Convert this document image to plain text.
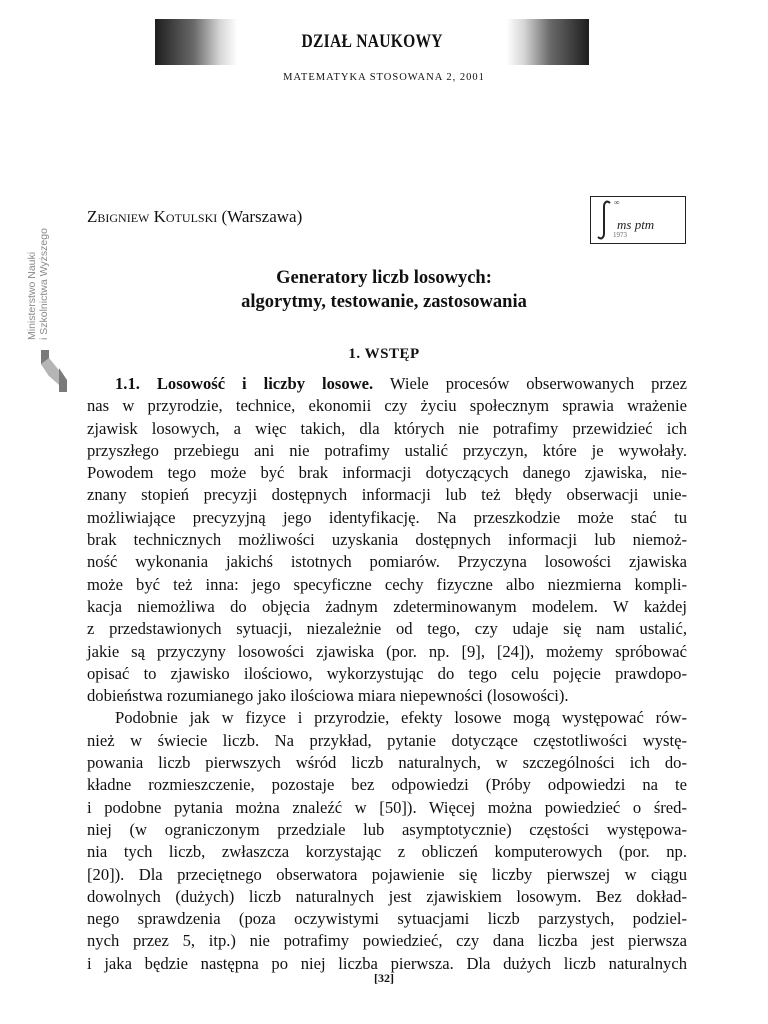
DZIAŁ NAUKOWY
MATEMATYKA STOSOWANA 2, 2001
Ministerstwo Nauki i Szkolnictwa Wyższego
Zbigniew Kotulski (Warszawa)
∞
ms ptm
1973
Generatory liczb losowych:
algorytmy, testowanie, zastosowania
1. WSTĘP
1.1. Losowość i liczby losowe. Wiele procesów obserwowanych przez
nas w przyrodzie, technice, ekonomii czy życiu społecznym sprawia wrażenie
zjawisk losowych, a więc takich, dla których nie potrafimy przewidzieć ich
przyszłego przebiegu ani nie potrafimy ustalić przyczyn, które je wywołały.
Powodem tego może być brak informacji dotyczących danego zjawiska, nie-
znany stopień precyzji dostępnych informacji lub też błędy obserwacji unie-
możliwiające precyzyjną jego identyfikację. Na przeszkodzie może stać tu
brak technicznych możliwości uzyskania dostępnych informacji lub niemoż-
ność wykonania jakichś istotnych pomiarów. Przyczyna losowości zjawiska
może być też inna: jego specyficzne cechy fizyczne albo niezmierna kompli-
kacja niemożliwa do objęcia żadnym zdeterminowanym modelem. W każdej
z przedstawionych sytuacji, niezależnie od tego, czy udaje się nam ustalić,
jakie są przyczyny losowości zjawiska (por. np. [9], [24]), możemy spróbować
opisać to zjawisko ilościowo, wykorzystując do tego celu pojęcie prawdopo-
dobieństwa rozumianego jako ilościowa miara niepewności (losowości).
Podobnie jak w fizyce i przyrodzie, efekty losowe mogą występować rów-
nież w świecie liczb. Na przykład, pytanie dotyczące częstotliwości wystę-
powania liczb pierwszych wśród liczb naturalnych, w szczególności ich do-
kładne rozmieszczenie, pozostaje bez odpowiedzi (Próby odpowiedzi na te
i podobne pytania można znaleźć w [50]). Więcej można powiedzieć o śred-
niej (w ograniczonym przedziale lub asymptotycznie) częstości występowa-
nia tych liczb, zwłaszcza korzystając z obliczeń komputerowych (por. np.
[20]). Dla przeciętnego obserwatora pojawienie się liczby pierwszej w ciągu
dowolnych (dużych) liczb naturalnych jest zjawiskiem losowym. Bez dokład-
nego sprawdzenia (poza oczywistymi sytuacjami liczb parzystych, podziel-
nych przez 5, itp.) nie potrafimy powiedzieć, czy dana liczba jest pierwsza
i jaka będzie następna po niej liczba pierwsza. Dla dużych liczb naturalnych
[32]
